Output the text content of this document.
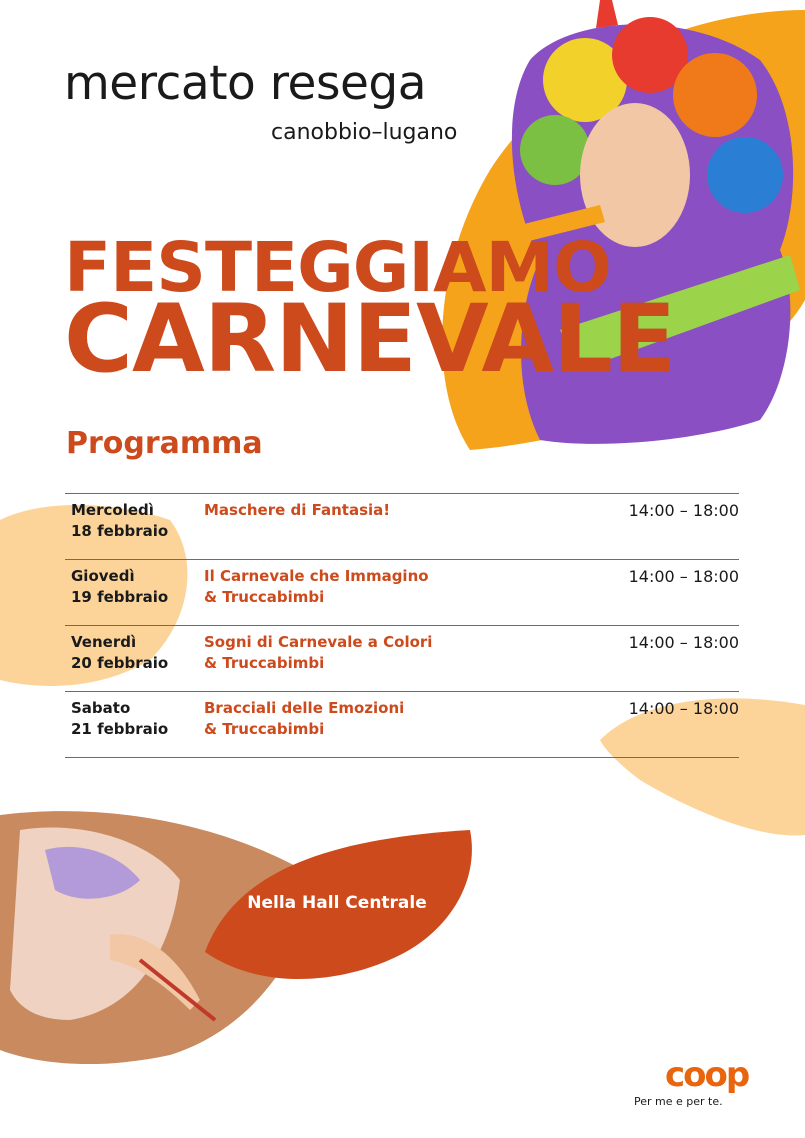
mercato resega
canobbio–lugano
FESTEGGIAMO
CARNEVALE
Programma
Mercoledì
18 febbraio
Maschere di Fantasia!	14:00 – 18:00
Giovedì
19 febbraio
Il Carnevale che Immagino
& Truccabimbi
14:00 – 18:00
Venerdì
20 febbraio
Sogni di Carnevale a Colori
& Truccabimbi
14:00 – 18:00
Sabato
21 febbraio
Bracciali delle Emozioni
& Truccabimbi
14:00 – 18:00
Nella Hall Centrale
coop
Per me e per te.
